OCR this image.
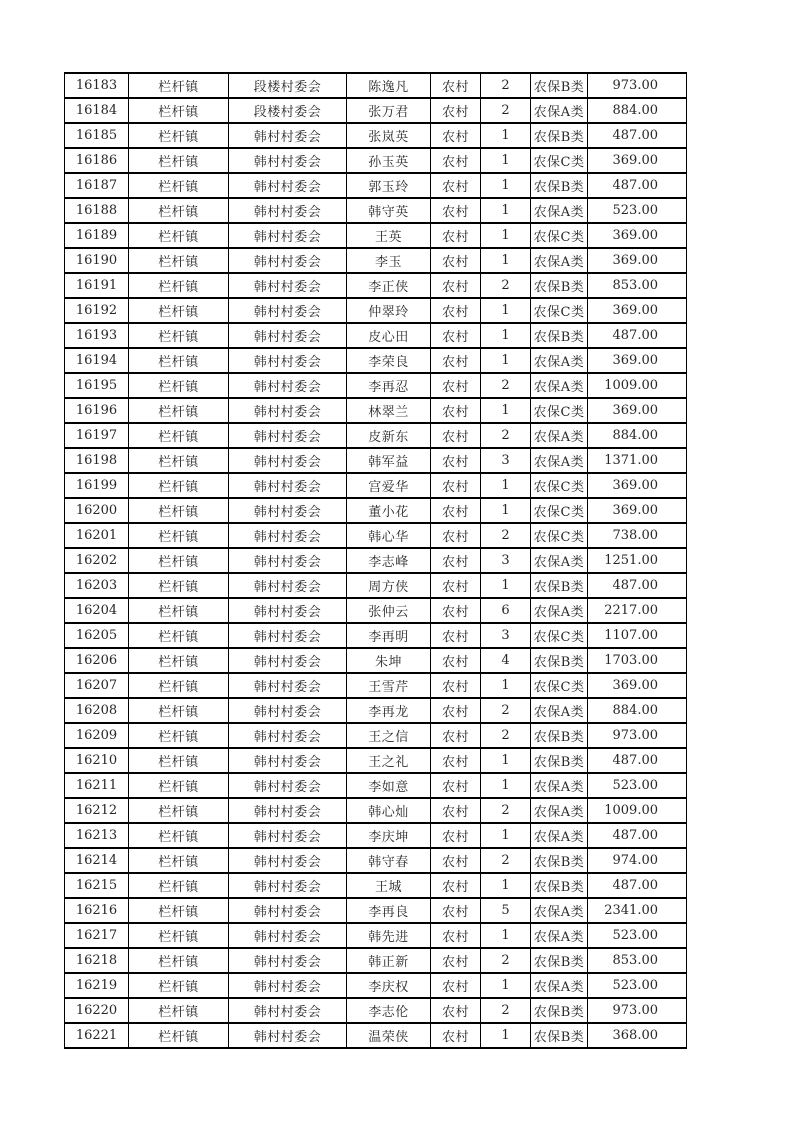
16183	栏杆镇	段楼村委会	陈逸凡	农村	2	农保B类	973.00
16184	栏杆镇	段楼村委会	张万君	农村	2	农保A类	884.00
16185	栏杆镇	韩村村委会	张岚英	农村	1	农保B类	487.00
16186	栏杆镇	韩村村委会	孙玉英	农村	1	农保C类	369.00
16187	栏杆镇	韩村村委会	郭玉玲	农村	1	农保B类	487.00
16188	栏杆镇	韩村村委会	韩守英	农村	1	农保A类	523.00
16189	栏杆镇	韩村村委会	王英	农村	1	农保C类	369.00
16190	栏杆镇	韩村村委会	李玉	农村	1	农保A类	369.00
16191	栏杆镇	韩村村委会	李正侠	农村	2	农保B类	853.00
16192	栏杆镇	韩村村委会	仲翠玲	农村	1	农保C类	369.00
16193	栏杆镇	韩村村委会	皮心田	农村	1	农保B类	487.00
16194	栏杆镇	韩村村委会	李荣良	农村	1	农保A类	369.00
16195	栏杆镇	韩村村委会	李再忍	农村	2	农保A类	1009.00
16196	栏杆镇	韩村村委会	林翠兰	农村	1	农保C类	369.00
16197	栏杆镇	韩村村委会	皮新东	农村	2	农保A类	884.00
16198	栏杆镇	韩村村委会	韩军益	农村	3	农保A类	1371.00
16199	栏杆镇	韩村村委会	宫爱华	农村	1	农保C类	369.00
16200	栏杆镇	韩村村委会	董小花	农村	1	农保C类	369.00
16201	栏杆镇	韩村村委会	韩心华	农村	2	农保C类	738.00
16202	栏杆镇	韩村村委会	李志峰	农村	3	农保A类	1251.00
16203	栏杆镇	韩村村委会	周方侠	农村	1	农保B类	487.00
16204	栏杆镇	韩村村委会	张仲云	农村	6	农保A类	2217.00
16205	栏杆镇	韩村村委会	李再明	农村	3	农保C类	1107.00
16206	栏杆镇	韩村村委会	朱坤	农村	4	农保B类	1703.00
16207	栏杆镇	韩村村委会	王雪芹	农村	1	农保C类	369.00
16208	栏杆镇	韩村村委会	李再龙	农村	2	农保A类	884.00
16209	栏杆镇	韩村村委会	王之信	农村	2	农保B类	973.00
16210	栏杆镇	韩村村委会	王之礼	农村	1	农保B类	487.00
16211	栏杆镇	韩村村委会	李如意	农村	1	农保A类	523.00
16212	栏杆镇	韩村村委会	韩心灿	农村	2	农保A类	1009.00
16213	栏杆镇	韩村村委会	李庆坤	农村	1	农保A类	487.00
16214	栏杆镇	韩村村委会	韩守春	农村	2	农保B类	974.00
16215	栏杆镇	韩村村委会	王城	农村	1	农保B类	487.00
16216	栏杆镇	韩村村委会	李再良	农村	5	农保A类	2341.00
16217	栏杆镇	韩村村委会	韩先进	农村	1	农保A类	523.00
16218	栏杆镇	韩村村委会	韩正新	农村	2	农保B类	853.00
16219	栏杆镇	韩村村委会	李庆权	农村	1	农保A类	523.00
16220	栏杆镇	韩村村委会	李志伦	农村	2	农保B类	973.00
16221	栏杆镇	韩村村委会	温荣侠	农村	1	农保B类	368.00
